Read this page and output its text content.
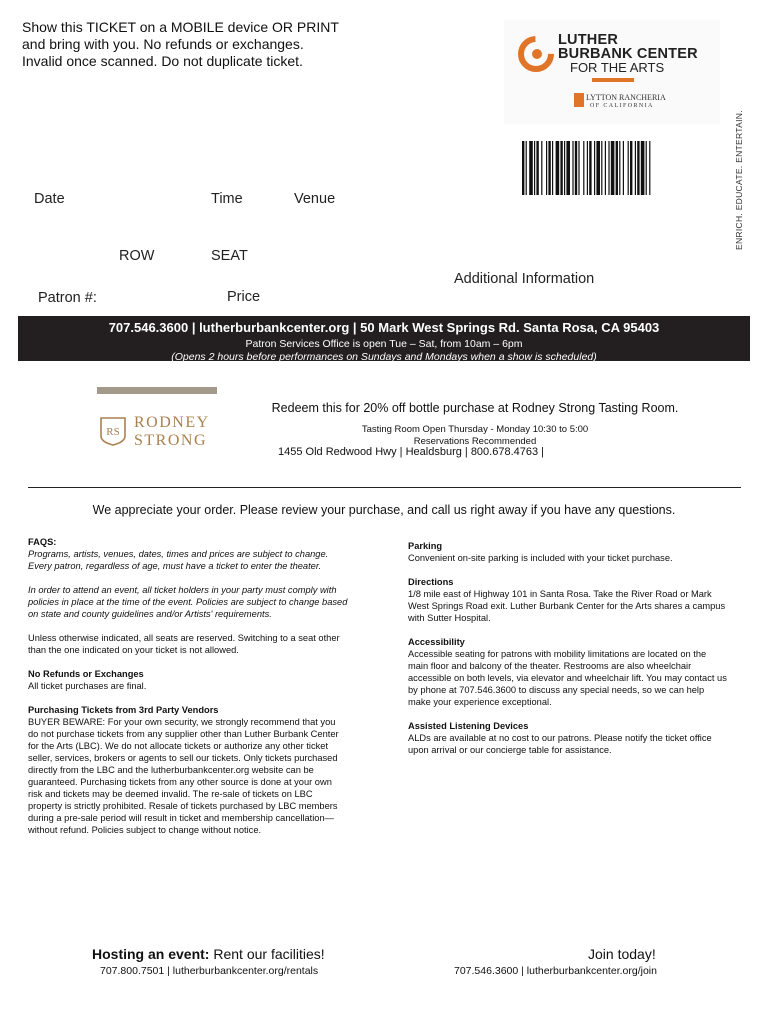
Show this TICKET on a MOBILE device OR PRINT
and bring with you. No refunds or exchanges.
Invalid once scanned. Do not duplicate ticket.
LUTHER
BURBANK CENTER
FOR THE ARTS
LYTTON RANCHERIA
OF CALIFORNIA
ENRICH. EDUCATE. ENTERTAIN.
Date	Time	Venue
ROW	SEAT
Additional Information
Patron #:	Price
707.546.3600 | lutherburbankcenter.org | 50 Mark West Springs Rd. Santa Rosa, CA 95403
Patron Services Office is open Tue – Sat, from 10am – 6pm
(Opens 2 hours before performances on Sundays and Mondays when a show is scheduled)
RS
RODNEY
STRONG
Redeem this for 20% off bottle purchase at Rodney Strong Tasting Room.
Tasting Room Open Thursday - Monday 10:30 to 5:00
Reservations Recommended
1455 Old Redwood Hwy | Healdsburg | 800.678.4763 |
We appreciate your order. Please review your purchase, and call us right away if you have any questions.
FAQS:

Programs, artists, venues, dates, times and prices are subject to change. Every patron, regardless of age, must have a ticket to enter the theater.

In order to attend an event, all ticket holders in your party must comply with policies in place at the time of the event. Policies are subject to change based on state and county guidelines and/or Artists' requirements.

Unless otherwise indicated, all seats are reserved. Switching to a seat other than the one indicated on your ticket is not allowed.

No Refunds or Exchanges

All ticket purchases are final.

Purchasing Tickets from 3rd Party Vendors

BUYER BEWARE: For your own security, we strongly recommend that you do not purchase tickets from any supplier other than Luther Burbank Center for the Arts (LBC). We do not allocate tickets or authorize any other ticket seller, services, brokers or agents to sell our tickets. Only tickets purchased directly from the LBC and the lutherburbankcenter.org website can be guaranteed. Purchasing tickets from any other source is done at your own risk and tickets may be deemed invalid. The re-sale of tickets on LBC property is strictly prohibited. Resale of tickets purchased by LBC members during a pre-sale period will result in ticket and membership cancellation—without refund. Policies subject to change without notice.

Parking

Convenient on-site parking is included with your ticket purchase.

Directions

1/8 mile east of Highway 101 in Santa Rosa. Take the River Road or Mark West Springs Road exit. Luther Burbank Center for the Arts shares a campus with Sutter Hospital.

Accessibility

Accessible seating for patrons with mobility limitations are located on the main floor and balcony of the theater. Restrooms are also wheelchair accessible on both levels, via elevator and wheelchair lift. You may contact us by phone at 707.546.3600 to discuss any special needs, so we can help make your experience exceptional.

Assisted Listening Devices

ALDs are available at no cost to our patrons. Please notify the ticket office upon arrival or our concierge table for assistance.

Hosting an event: Rent our facilities!
707.800.7501 | lutherburbankcenter.org/rentals
Join today!
707.546.3600 | lutherburbankcenter.org/join
